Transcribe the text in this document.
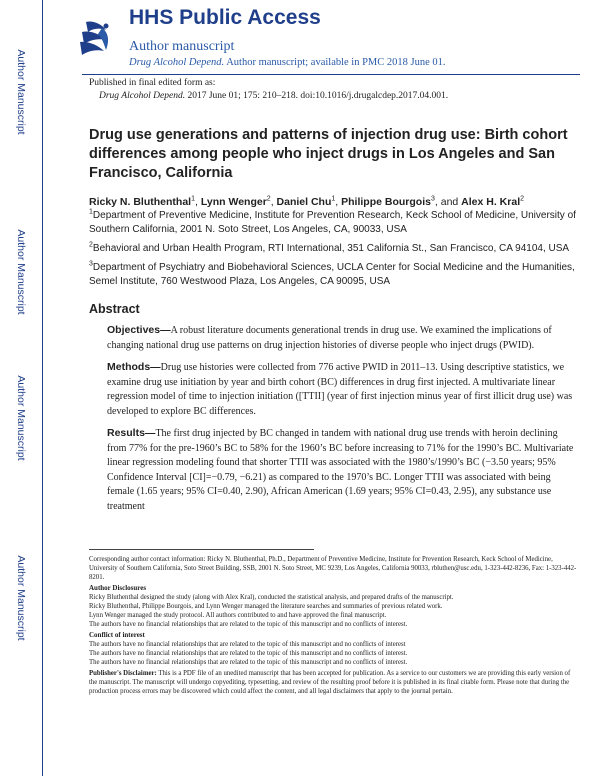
Author Manuscript
Author Manuscript
Author Manuscript
Author Manuscript
HHS Public Access
Author manuscript
Drug Alcohol Depend. Author manuscript; available in PMC 2018 June 01.
Published in final edited form as:
Drug Alcohol Depend. 2017 June 01; 175: 210–218. doi:10.1016/j.drugalcdep.2017.04.001.
Drug use generations and patterns of injection drug use: Birth cohort differences among people who inject drugs in Los Angeles and San Francisco, California
Ricky N. Bluthenthal$^1$, Lynn Wenger$^2$, Daniel Chu$^1$, Philippe Bourgois$^3$, and Alex H. Kral$^2$
$^1$Department of Preventive Medicine, Institute for Prevention Research, Keck School of Medicine, University of Southern California, 2001 N. Soto Street, Los Angeles, CA, 90033, USA
$^2$Behavioral and Urban Health Program, RTI International, 351 California St., San Francisco, CA 94104, USA
$^3$Department of Psychiatry and Biobehavioral Sciences, UCLA Center for Social Medicine and the Humanities, Semel Institute, 760 Westwood Plaza, Los Angeles, CA 90095, USA
Abstract
Objectives—A robust literature documents generational trends in drug use. We examined the implications of changing national drug use patterns on drug injection histories of diverse people who inject drugs (PWID).
Methods—Drug use histories were collected from 776 active PWID in 2011–13. Using descriptive statistics, we examine drug use initiation by year and birth cohort (BC) differences in drug first injected. A multivariate linear regression model of time to injection initiation ([TTII] (year of first injection minus year of first illicit drug use) was developed to explore BC differences.
Results—The first drug injected by BC changed in tandem with national drug use trends with heroin declining from 77% for the pre-1960’s BC to 58% for the 1960’s BC before increasing to 71% for the 1990’s BC. Multivariate linear regression modeling found that shorter TTII was associated with the 1980’s/1990’s BC (−3.50 years; 95% Confidence Interval [CI]=−0.79, −6.21) as compared to the 1970’s BC. Longer TTII was associated with being female (1.65 years; 95% CI=0.40, 2.90), African American (1.69 years; 95% CI=0.43, 2.95), any substance use treatment

Corresponding author contact information: Ricky N. Bluthenthal, Ph.D., Department of Preventive Medicine, Institute for Prevention Research, Keck School of Medicine, University of Southern California, Soto Street Building, SSB, 2001 N. Soto Street, MC 9239, Los Angeles, California 90033, rbluthen@usc.edu, 1-323-442-8236, Fax: 1-323-442-8201.

Author Disclosures

Ricky Bluthenthal designed the study (along with Alex Kral), conducted the statistical analysis, and prepared drafts of the manuscript.

Ricky Bluthenthal, Philippe Bourgois, and Lynn Wenger managed the literature searches and summaries of previous related work.

Lynn Wenger managed the study protocol. All authors contributed to and have approved the final manuscript.

The authors have no financial relationships that are related to the topic of this manuscript and no conflicts of interest.

Conflict of interest

The authors have no financial relationships that are related to the topic of this manuscript and no conflicts of interest

The authors have no financial relationships that are related to the topic of this manuscript and no conflicts of interest.

The authors have no financial relationships that are related to the topic of this manuscript and no conflicts of interest.

Publisher's Disclaimer: This is a PDF file of an unedited manuscript that has been accepted for publication. As a service to our customers we are providing this early version of the manuscript. The manuscript will undergo copyediting, typesetting, and review of the resulting proof before it is published in its final citable form. Please note that during the production process errors may be discovered which could affect the content, and all legal disclaimers that apply to the journal pertain.
